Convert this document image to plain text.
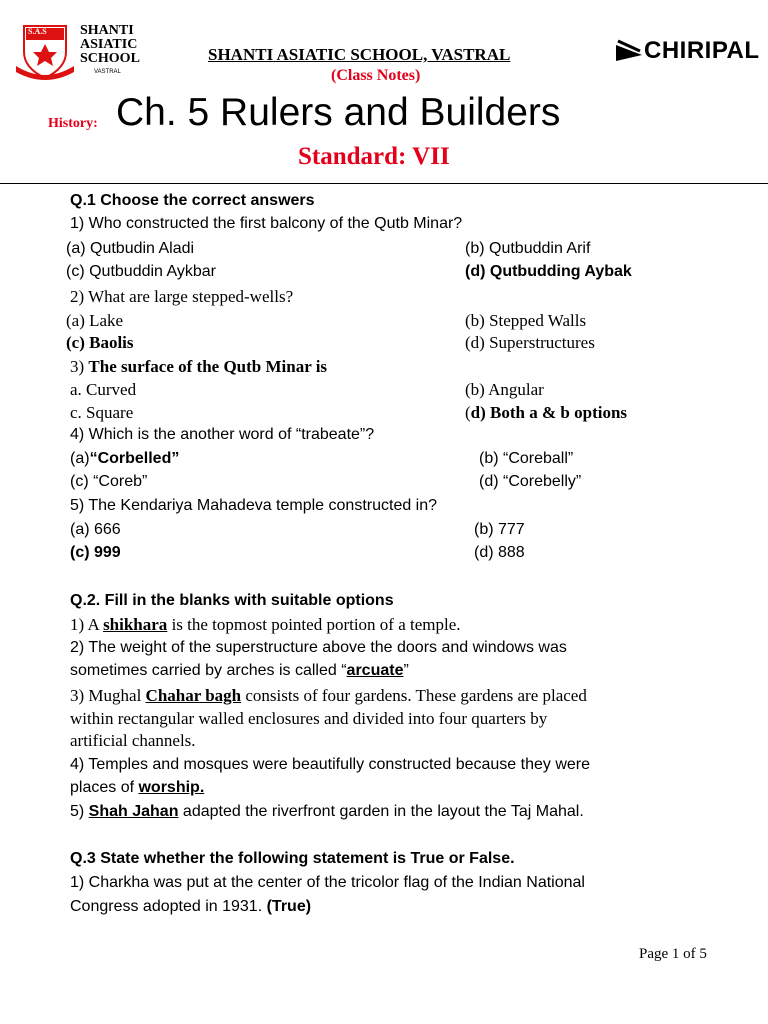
S.A.S SHANTI
ASIATIC
SCHOOL
VASTRAL
SHANTI ASIATIC SCHOOL, VASTRAL
(Class Notes)
CHIRIPAL
History: Ch. 5 Rulers and Builders
Standard: VII
Q.1 Choose the correct answers
1) Who constructed the first balcony of the Qutb Minar?
(a) Qutbudin Aladi	(b) Qutbuddin Arif
(c) Qutbuddin Aykbar	(d) Qutbudding Aybak
2) What are large stepped-wells?
(a) Lake	(b) Stepped Walls
(c) Baolis	(d) Superstructures
3) The surface of the Qutb Minar is
a. Curved	(b) Angular
c. Square	(d) Both a & b options
4) Which is the another word of “trabeate”?
(a)“Corbelled”	(b) “Coreball”
(c) “Coreb”	(d) “Corebelly”
5) The Kendariya Mahadeva temple constructed in?
(a) 666	(b) 777
(c) 999	(d) 888
Q.2. Fill in the blanks with suitable options
1) A shikhara is the topmost pointed portion of a temple.
2) The weight of the superstructure above the doors and windows was
sometimes carried by arches is called “arcuate”
3) Mughal Chahar bagh consists of four gardens. These gardens are placed
within rectangular walled enclosures and divided into four quarters by
artificial channels.
4) Temples and mosques were beautifully constructed because they were
places of worship.
5) Shah Jahan adapted the riverfront garden in the layout the Taj Mahal.
Q.3 State whether the following statement is True or False.
1) Charkha was put at the center of the tricolor flag of the Indian National
Congress adopted in 1931. (True)
Page 1 of 5
